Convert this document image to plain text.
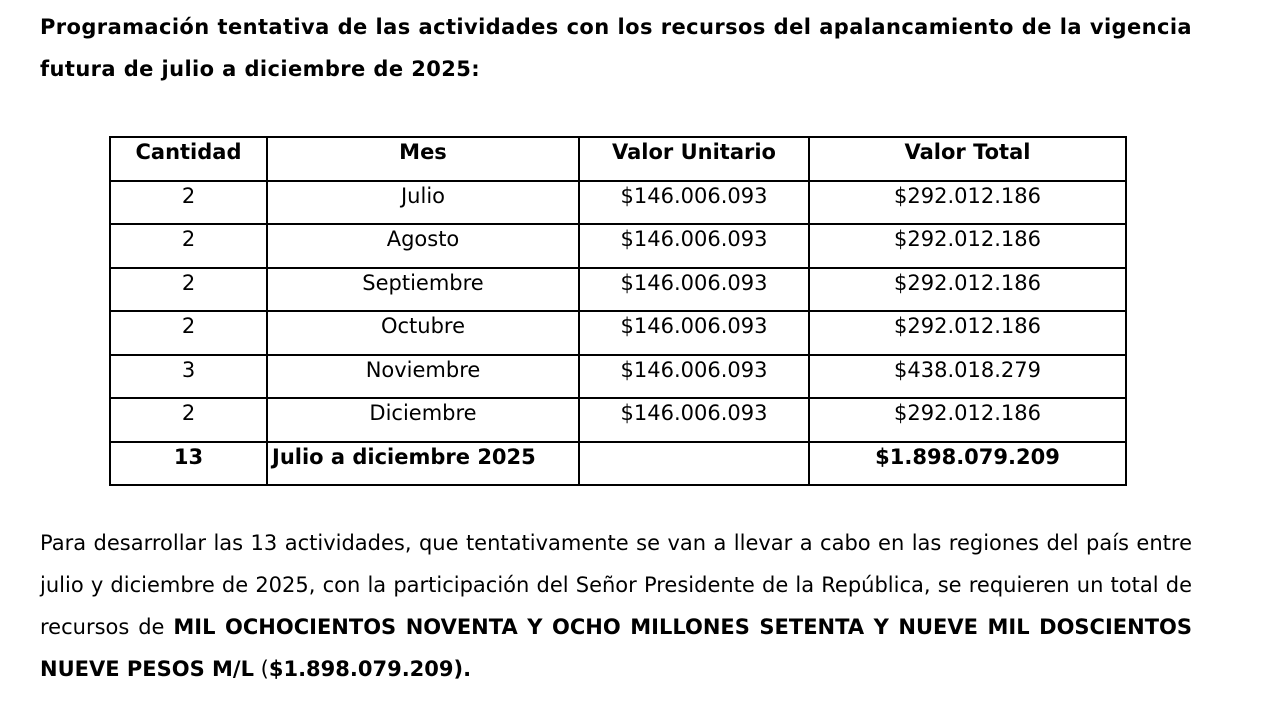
Programación tentativa de las actividades con los recursos del apalancamiento de la vigencia futura de julio a diciembre de 2025:
Cantidad	Mes	Valor Unitario	Valor Total
2	Julio	$146.006.093	$292.012.186
2	Agosto	$146.006.093	$292.012.186
2	Septiembre	$146.006.093	$292.012.186
2	Octubre	$146.006.093	$292.012.186
3	Noviembre	$146.006.093	$438.018.279
2	Diciembre	$146.006.093	$292.012.186
13	Julio a diciembre 2025		$1.898.079.209
Para desarrollar las 13 actividades, que tentativamente se van a llevar a cabo en las regiones del país entre julio y diciembre de 2025, con la participación del Señor Presidente de la República, se requieren un total de recursos de MIL OCHOCIENTOS NOVENTA Y OCHO MILLONES SETENTA Y NUEVE MIL DOSCIENTOS NUEVE PESOS M/L ($1.898.079.209).
